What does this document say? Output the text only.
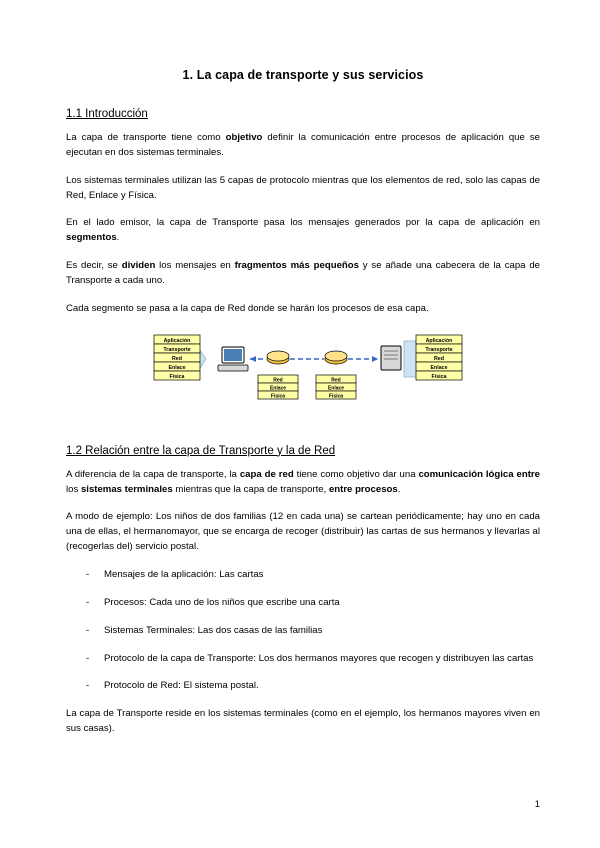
1. La capa de transporte y sus servicios
1.1 Introducción

La capa de transporte tiene como objetivo definir la comunicación entre procesos de aplicación que se ejecutan en dos sistemas terminales.

Los sistemas terminales utilizan las 5 capas de protocolo mientras que los elementos de red, solo las capas de Red, Enlace y Física.

En el lado emisor, la capa de Transporte pasa los mensajes generados por la capa de aplicación en segmentos.

Es decir, se dividen los mensajes en fragmentos más pequeños y se añade una cabecera de la capa de Transporte a cada uno.

Cada segmento se pasa a la capa de Red donde se harán los procesos de esa capa.

Aplicación
Transporte
Red
Enlace
Física
Red
Enlace
Física
Red
Enlace
Física
Aplicación
Transporte
Red
Enlace
Física
1.2 Relación entre la capa de Transporte y la de Red

A diferencia de la capa de transporte, la capa de red tiene como objetivo dar una comunicación lógica entre los sistemas terminales mientras que la capa de transporte, entre procesos.

A modo de ejemplo: Los niños de dos familias (12 en cada una) se cartean periódicamente; hay uno en cada una de ellas, el hermanomayor, que se encarga de recoger (distribuir) las cartas de sus hermanos y llevarlas al (recogerlas del) servicio postal.

- Mensajes de la aplicación: Las cartas
- Procesos: Cada uno de los niños que escribe una carta
- Sistemas Terminales: Las dos casas de las familias
- Protocolo de la capa de Transporte: Los dos hermanos mayores que recogen y distribuyen las cartas
- Protocolo de Red: El sistema postal.

La capa de Transporte reside en los sistemas terminales (como en el ejemplo, los hermanos mayores viven en sus casas).

1
